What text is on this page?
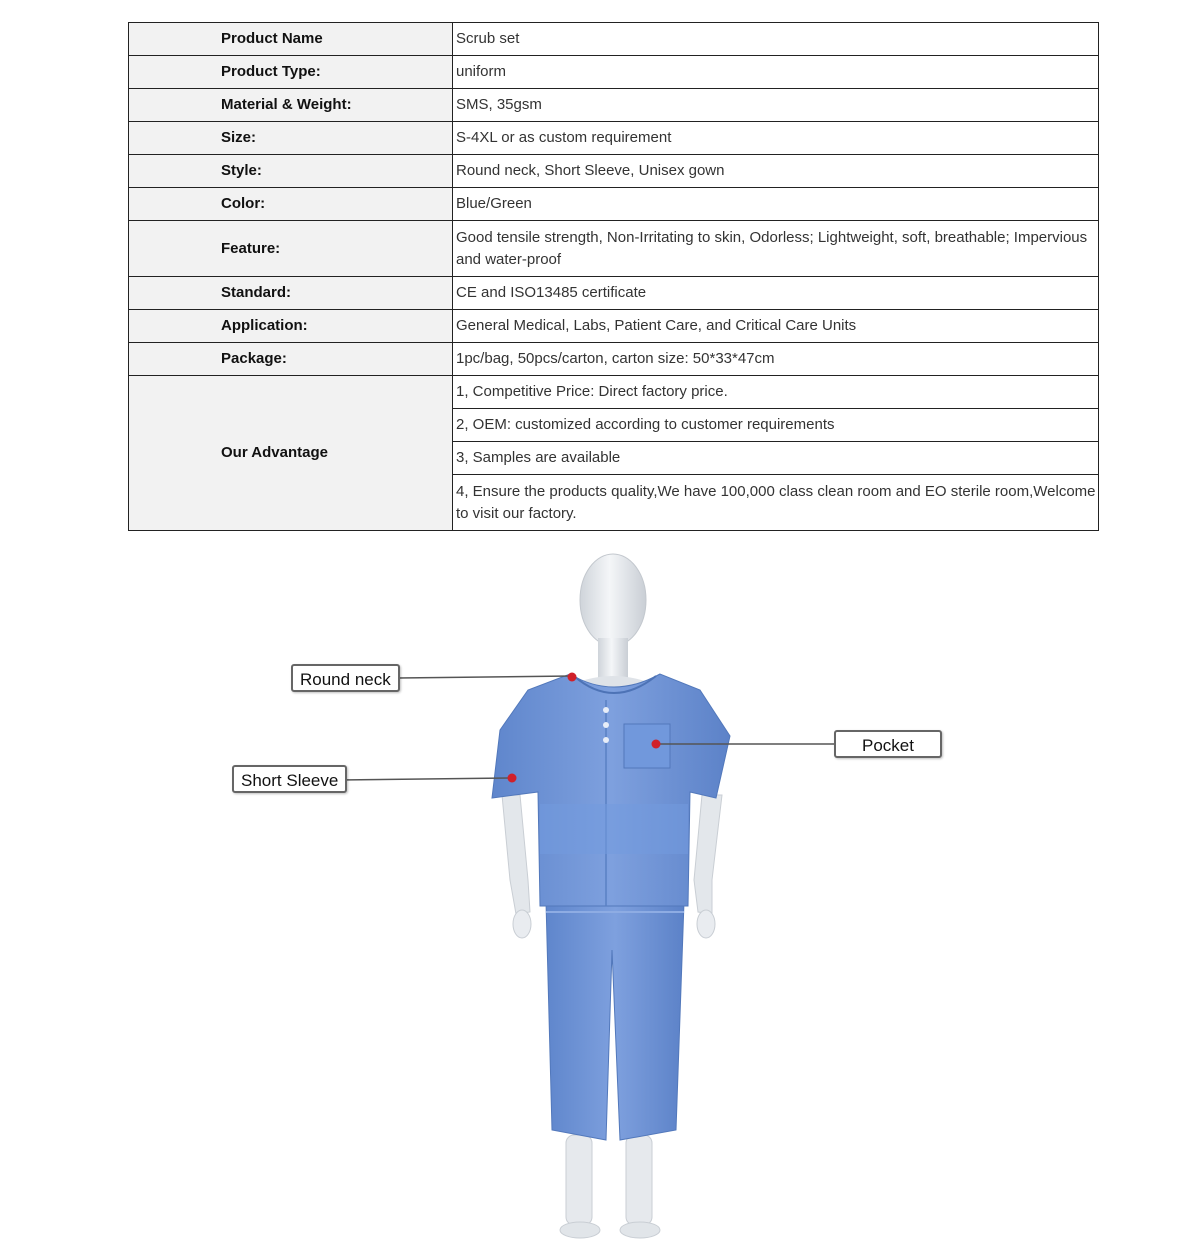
Product Name	Scrub set
Product Type:	uniform
Material & Weight:	SMS, 35gsm
Size:	S-4XL or as custom requirement
Style:	Round neck, Short Sleeve, Unisex gown
Color:	Blue/Green
Feature:	Good tensile strength, Non-Irritating to skin, Odorless; Lightweight, soft, breathable; Impervious and water-proof
Standard:	CE and ISO13485 certificate
Application:	General Medical, Labs, Patient Care, and Critical Care Units
Package:	1pc/bag, 50pcs/carton, carton size: 50*33*47cm
Our Advantage	1, Competitive Price: Direct factory price.
	2, OEM: customized according to customer requirements
	3, Samples are available
	4, Ensure the products quality,We have 100,000 class clean room and EO sterile room,Welcome to visit our factory.
Round neck
Short Sleeve
Pocket
